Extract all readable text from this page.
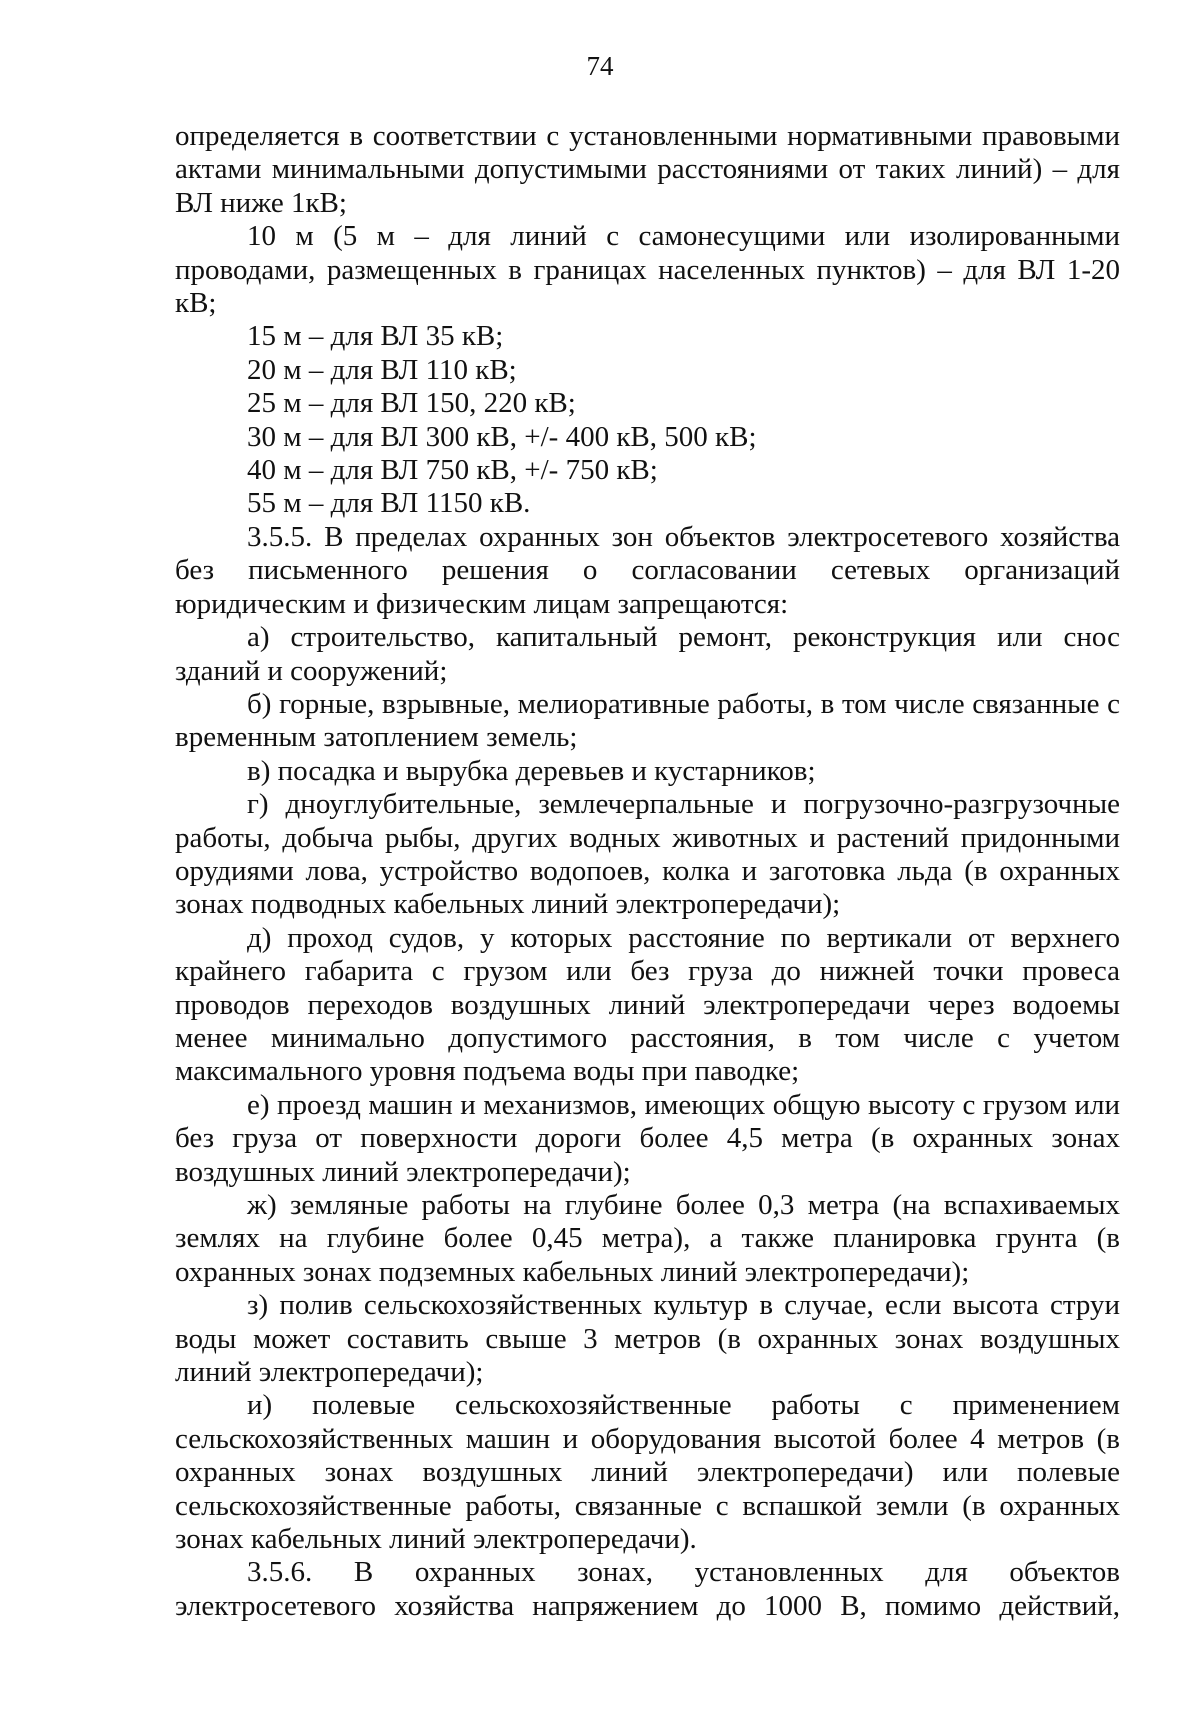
74

определяется в соответствии с установленными нормативными правовыми актами минимальными допустимыми расстояниями от таких линий) – для ВЛ ниже 1кВ;

10 м (5 м – для линий с самонесущими или изолированными проводами, размещенных в границах населенных пунктов) – для ВЛ 1-20 кВ;

15 м – для ВЛ 35 кВ;

20 м – для ВЛ 110 кВ;

25 м – для ВЛ 150, 220 кВ;

30 м – для ВЛ 300 кВ, +/- 400 кВ, 500 кВ;

40 м – для ВЛ 750 кВ, +/- 750 кВ;

55 м – для ВЛ 1150 кВ.

3.5.5. В пределах охранных зон объектов электросетевого хозяйства без письменного решения о согласовании сетевых организаций юридическим и физическим лицам запрещаются:

а) строительство, капитальный ремонт, реконструкция или снос зданий и сооружений;

б) горные, взрывные, мелиоративные работы, в том числе связанные с временным затоплением земель;

в) посадка и вырубка деревьев и кустарников;

г) дноуглубительные, землечерпальные и погрузочно-разгрузочные работы, добыча рыбы, других водных животных и растений придонными орудиями лова, устройство водопоев, колка и заготовка льда (в охранных зонах подводных кабельных линий электропередачи);

д) проход судов, у которых расстояние по вертикали от верхнего крайнего габарита с грузом или без груза до нижней точки провеса проводов переходов воздушных линий электропередачи через водоемы менее минимально допустимого расстояния, в том числе с учетом максимального уровня подъема воды при паводке;

е) проезд машин и механизмов, имеющих общую высоту с грузом или без груза от поверхности дороги более 4,5 метра (в охранных зонах воздушных линий электропередачи);

ж) земляные работы на глубине более 0,3 метра (на вспахиваемых землях на глубине более 0,45 метра), а также планировка грунта (в охранных зонах подземных кабельных линий электропередачи);

з) полив сельскохозяйственных культур в случае, если высота струи воды может составить свыше 3 метров (в охранных зонах воздушных линий электропередачи);

и) полевые сельскохозяйственные работы с применением сельскохозяйственных машин и оборудования высотой более 4 метров (в охранных зонах воздушных линий электропередачи) или полевые сельскохозяйственные работы, связанные с вспашкой земли (в охранных зонах кабельных линий электропередачи).

3.5.6. В охранных зонах, установленных для объектов электросетевого хозяйства напряжением до 1000 В, помимо действий,
